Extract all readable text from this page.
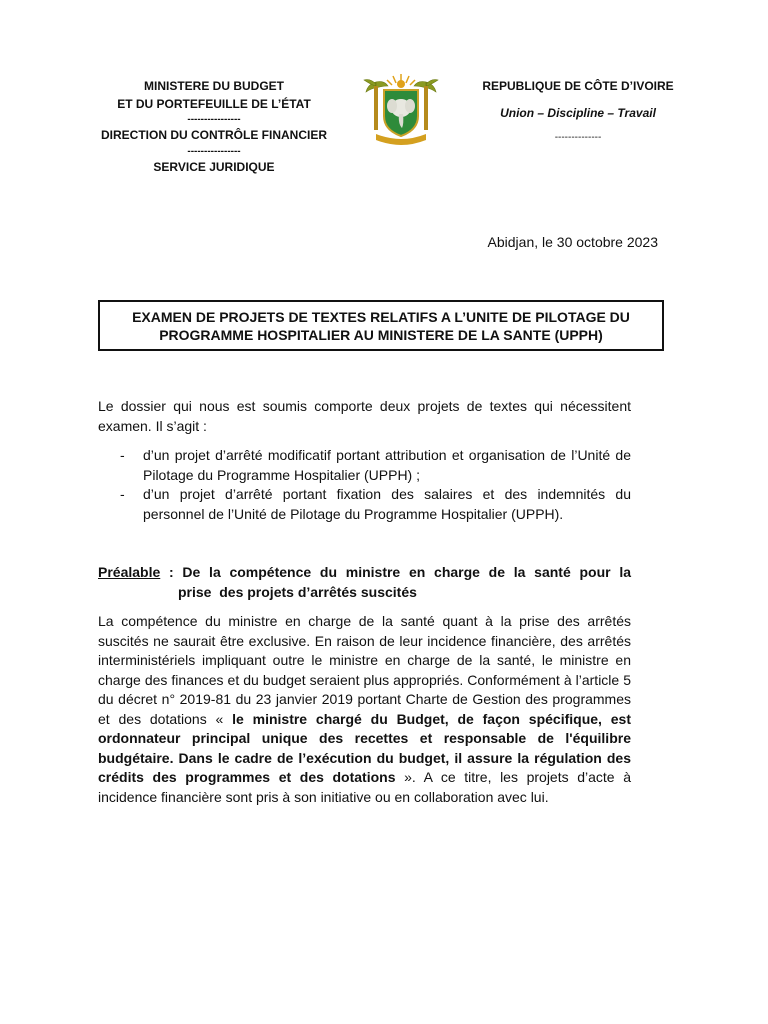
MINISTERE DU BUDGET
ET DU PORTEFEUILLE DE L’ÉTAT
----------------
DIRECTION DU CONTRÔLE FINANCIER
----------------
SERVICE JURIDIQUE
REPUBLIQUE DE CÔTE D’IVOIRE
Union – Discipline – Travail
--------------
Abidjan, le 30 octobre 2023
EXAMEN DE PROJETS DE TEXTES RELATIFS A L’UNITE DE PILOTAGE DU
PROGRAMME HOSPITALIER AU MINISTERE DE LA SANTE (UPPH)
Le dossier qui nous est soumis comporte deux projets de textes qui nécessitent examen. Il s’agit :
- d’un projet d’arrêté modificatif portant attribution et organisation de l’Unité de Pilotage du Programme Hospitalier (UPPH) ;
- d’un projet d’arrêté portant fixation des salaires et des indemnités du personnel de l’Unité de Pilotage du Programme Hospitalier (UPPH).
Préalable : De la compétence du ministre en charge de la santé pour la
prise  des projets d’arrêtés suscités
La compétence du ministre en charge de la santé quant à la prise des arrêtés suscités ne saurait être exclusive. En raison de leur incidence financière, des arrêtés interministériels impliquant outre le ministre en charge de la santé, le ministre en charge des finances et du budget seraient plus appropriés. Conformément à l’article 5 du décret n° 2019-81 du 23 janvier 2019 portant Charte de Gestion des programmes et des dotations « le ministre chargé du Budget, de façon spécifique, est ordonnateur principal unique des recettes et responsable de l'équilibre budgétaire. Dans le cadre de l’exécution du budget, il assure la régulation des crédits des programmes et des dotations ». A ce titre, les projets d’acte à incidence financière sont pris à son initiative ou en collaboration avec lui.
